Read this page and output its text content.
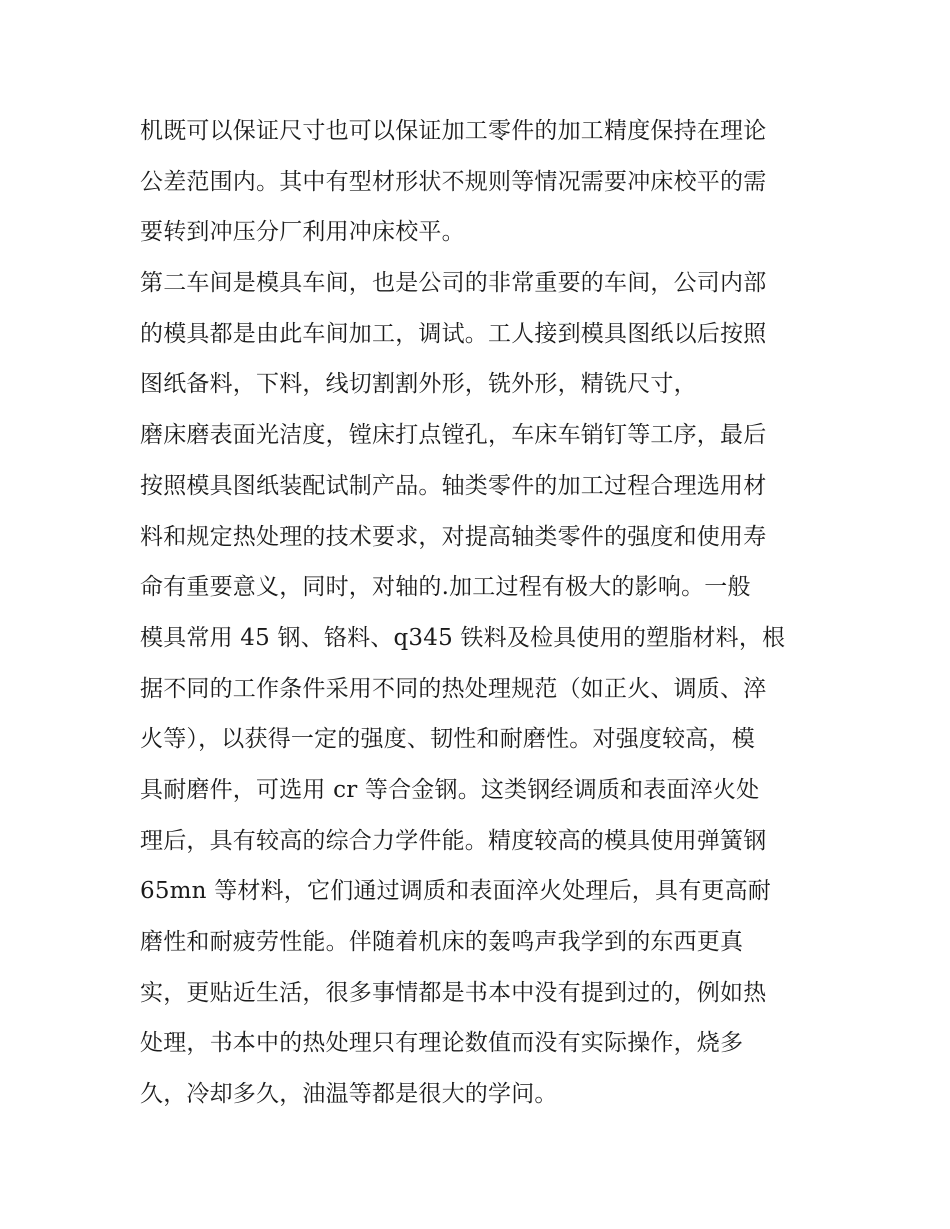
机既可以保证尺寸也可以保证加工零件的加工精度保持在理论
公差范围内。其中有型材形状不规则等情况需要冲床校平的需
要转到冲压分厂利用冲床校平。
第二车间是模具车间，也是公司的非常重要的车间，公司内部
的模具都是由此车间加工，调试。工人接到模具图纸以后按照
图纸备料，下料，线切割割外形，铣外形，精铣尺寸，
磨床磨表面光洁度，镗床打点镗孔，车床车销钉等工序，最后
按照模具图纸装配试制产品。轴类零件的加工过程合理选用材
料和规定热处理的技术要求，对提高轴类零件的强度和使用寿
命有重要意义，同时，对轴的.加工过程有极大的影响。一般
模具常用 45 钢、铬料、q345 铁料及检具使用的塑脂材料，根
据不同的工作条件采用不同的热处理规范（如正火、调质、淬
火等），以获得一定的强度、韧性和耐磨性。对强度较高，模
具耐磨件，可选用 cr 等合金钢。这类钢经调质和表面淬火处
理后，具有较高的综合力学件能。精度较高的模具使用弹簧钢
65mn 等材料，它们通过调质和表面淬火处理后，具有更高耐
磨性和耐疲劳性能。伴随着机床的轰鸣声我学到的东西更真
实，更贴近生活，很多事情都是书本中没有提到过的，例如热
处理，书本中的热处理只有理论数值而没有实际操作，烧多
久，冷却多久，油温等都是很大的学问。
